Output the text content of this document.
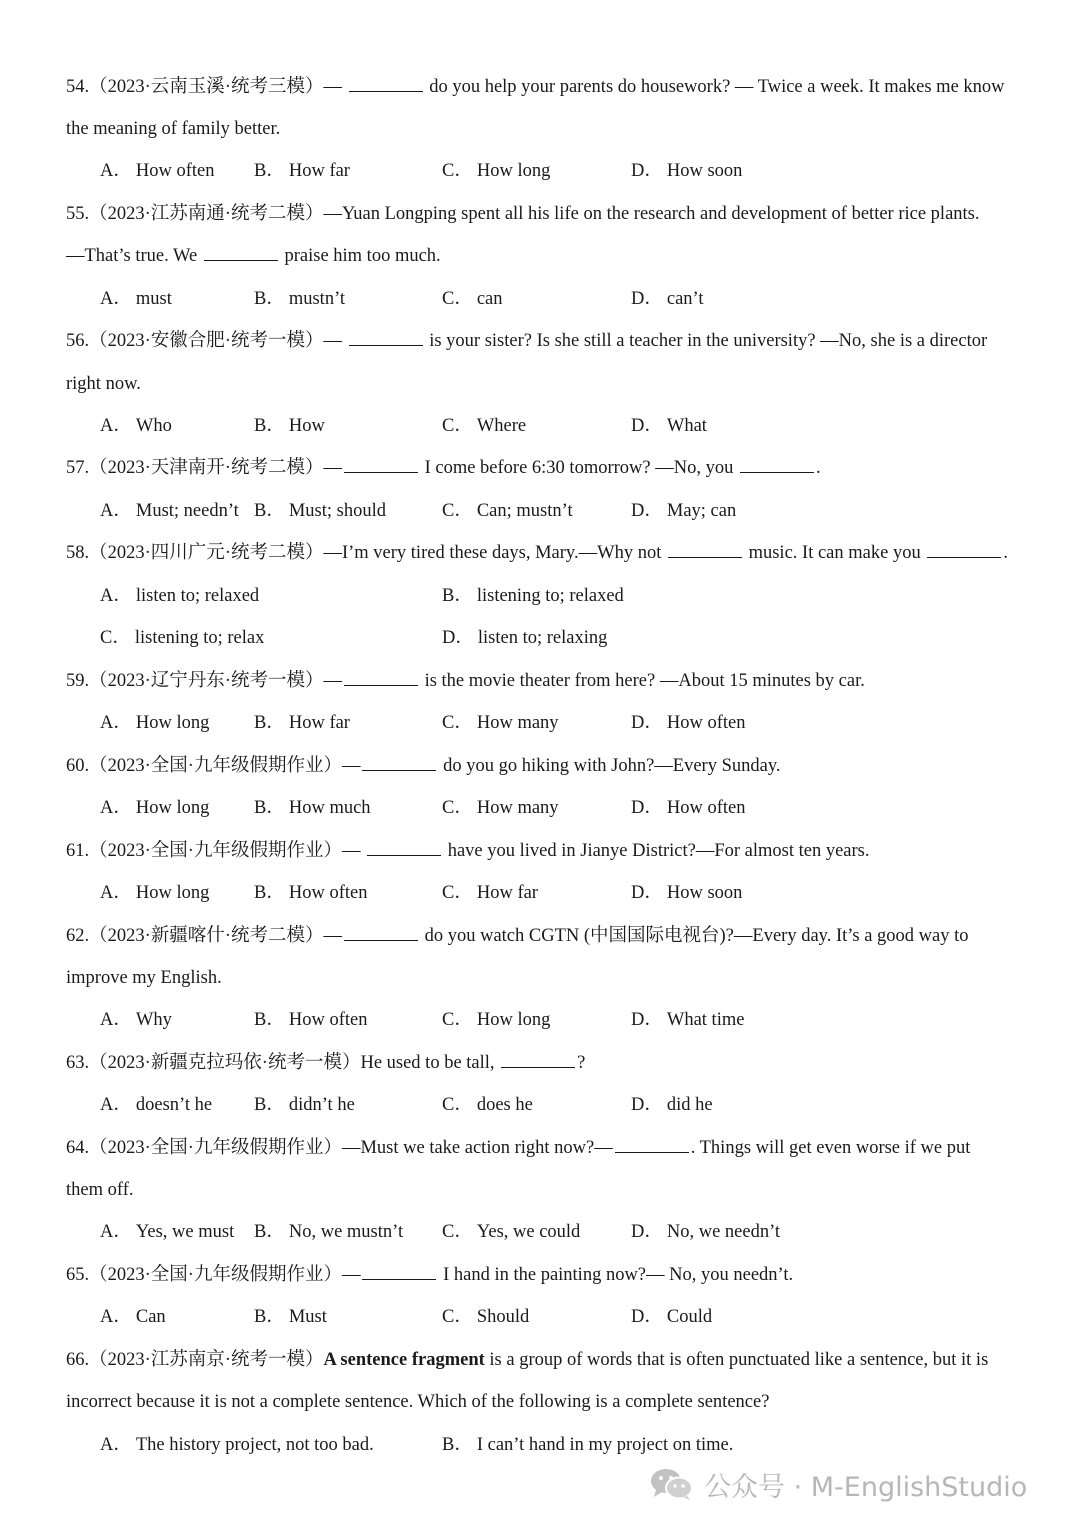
54.（2023·云南玉溪·统考三模）—	do you help your parents do housework? — Twice a week. It makes me know
the meaning of family better.
A． How often B． How far	C． How long	D． How soon
55.（2023·江苏南通·统考二模）—Yuan Longping spent all his life on the research and development of better rice plants.
—That’s true. We	praise him too much.
A． must	B． mustn’t	C． can	D． can’t
56.（2023·安徽合肥·统考一模）—	is your sister? Is she still a teacher in the university? —No, she is a director
right now.
A． Who	B． How	C． Where	D． What
57.（2023·天津南开·统考二模）—	I come before 6:30 tomorrow? —No, you	.
A． Must; needn’t B． Must; should	C． Can; mustn’t	D． May; can
58.（2023·四川广元·统考二模）—I’m very tired these days, Mary.—Why not	music. It can make you	.
A． listen to; relaxed	B． listening to; relaxed
C． listening to; relax	D． listen to; relaxing
59.（2023·辽宁丹东·统考一模）—	is the movie theater from here? —About 15 minutes by car.
A． How long B． How far	C． How many	D． How often
60.（2023·全国·九年级假期作业）—	do you go hiking with John?—Every Sunday.
A． How long B． How much	C． How many	D． How often
61.（2023·全国·九年级假期作业）—	have you lived in Jianye District?—For almost ten years.
A． How long B． How often	C． How far	D． How soon
62.（2023·新疆喀什·统考二模）—	do you watch CGTN (中国国际电视台)?—Every day. It’s a good way to
improve my English.
A． Why	B． How often	C． How long	D． What time
63.（2023·新疆克拉玛依·统考一模）He used to be tall,	?
A． doesn’t he B． didn’t he	C． does he	D． did he
64.（2023·全国·九年级假期作业）—Must we take action right now?—	. Things will get even worse if we put
them off.
A． Yes, we must B． No, we mustn’t C． Yes, we could	D． No, we needn’t
65.（2023·全国·九年级假期作业）—	I hand in the painting now?— No, you needn’t.
A． Can	B． Must	C． Should	D． Could
66.（2023·江苏南京·统考一模）A sentence fragment is a group of words that is often punctuated like a sentence, but it is
incorrect because it is not a complete sentence. Which of the following is a complete sentence?
A． The history project, not too bad.	B． I can’t hand in my project on time.
公众号 · M-EnglishStudio
